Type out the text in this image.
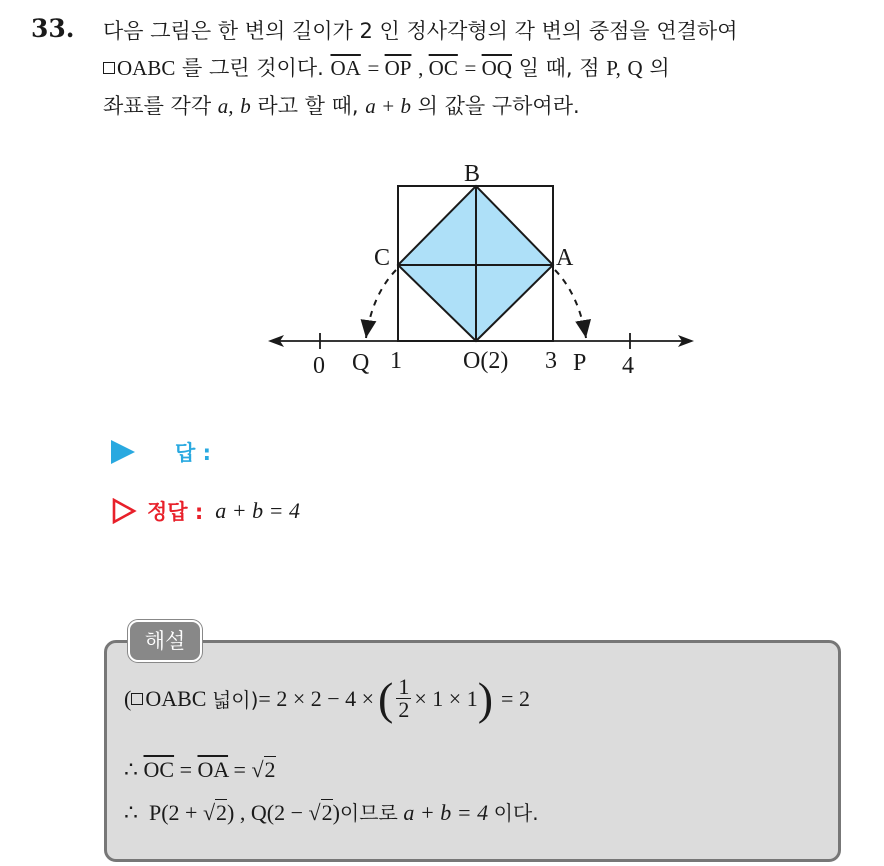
33. 다음 그림은 한 변의 길이가 2 인 정사각형의 각 변의 중점을 연결하여
OABC 를 그린 것이다. $\overline{OA} = \overline{OP}$ , $\overline{OC} = \overline{OQ}$ 일 때, 점 P, Q 의
좌표를 각각 a, b 라고 할 때, a + b 의 값을 구하여라.
B
C	A
0 Q 1	O(2) 3 P 4
답 :
정답 : a + b = 4
해설
( OABC
넓이) = 2 × 2 − 4 × ( $\frac{1}{2} \times 1 \times 1$ ) = 2
∴ $\overline{OC} = \overline{OA} = √2$
∴ P(2 + √2) , Q(2 − √2)이므로 a + b = 4 이다.
